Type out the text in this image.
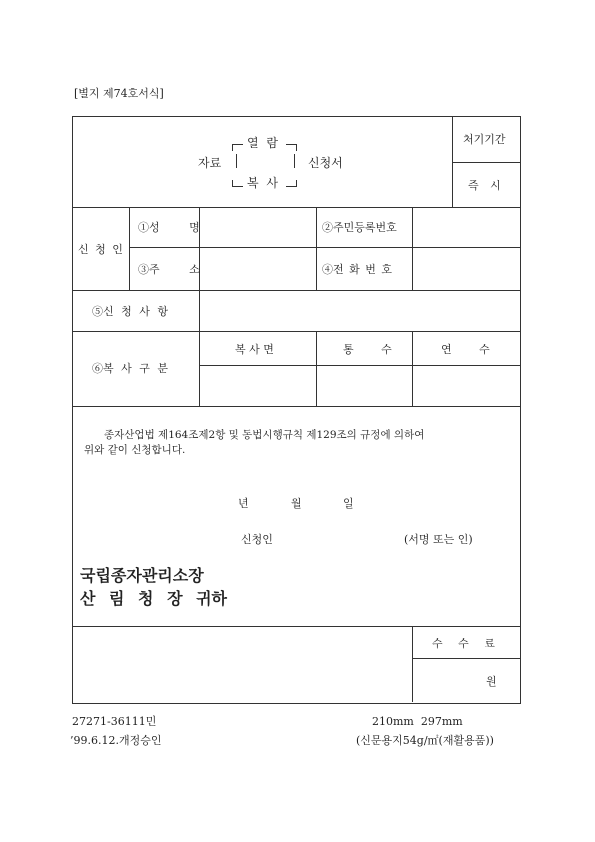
[별지 제74호서식]
열 람
자료	신청서
복 사
처기기간
즉 시
신 청 인
①성 명	②주민등록번호
③주 소	④전 화 번 호
⑤신 청 사 항
⑥복 사 구 분
복 사 면	통 수	연 수
종자산업법 제164조제2항 및 동법시행규칙 제129조의 규정에 의하여
위와 같이 신청합니다.
년	월	일
신청인	(서명 또는 인)
국립종자관리소장
산 림 청 장 귀하
수 수 료
원
27271-36111민	210mm  297mm
’99.6.12.개정승인	(신문용지54g/㎡(재활용품))
